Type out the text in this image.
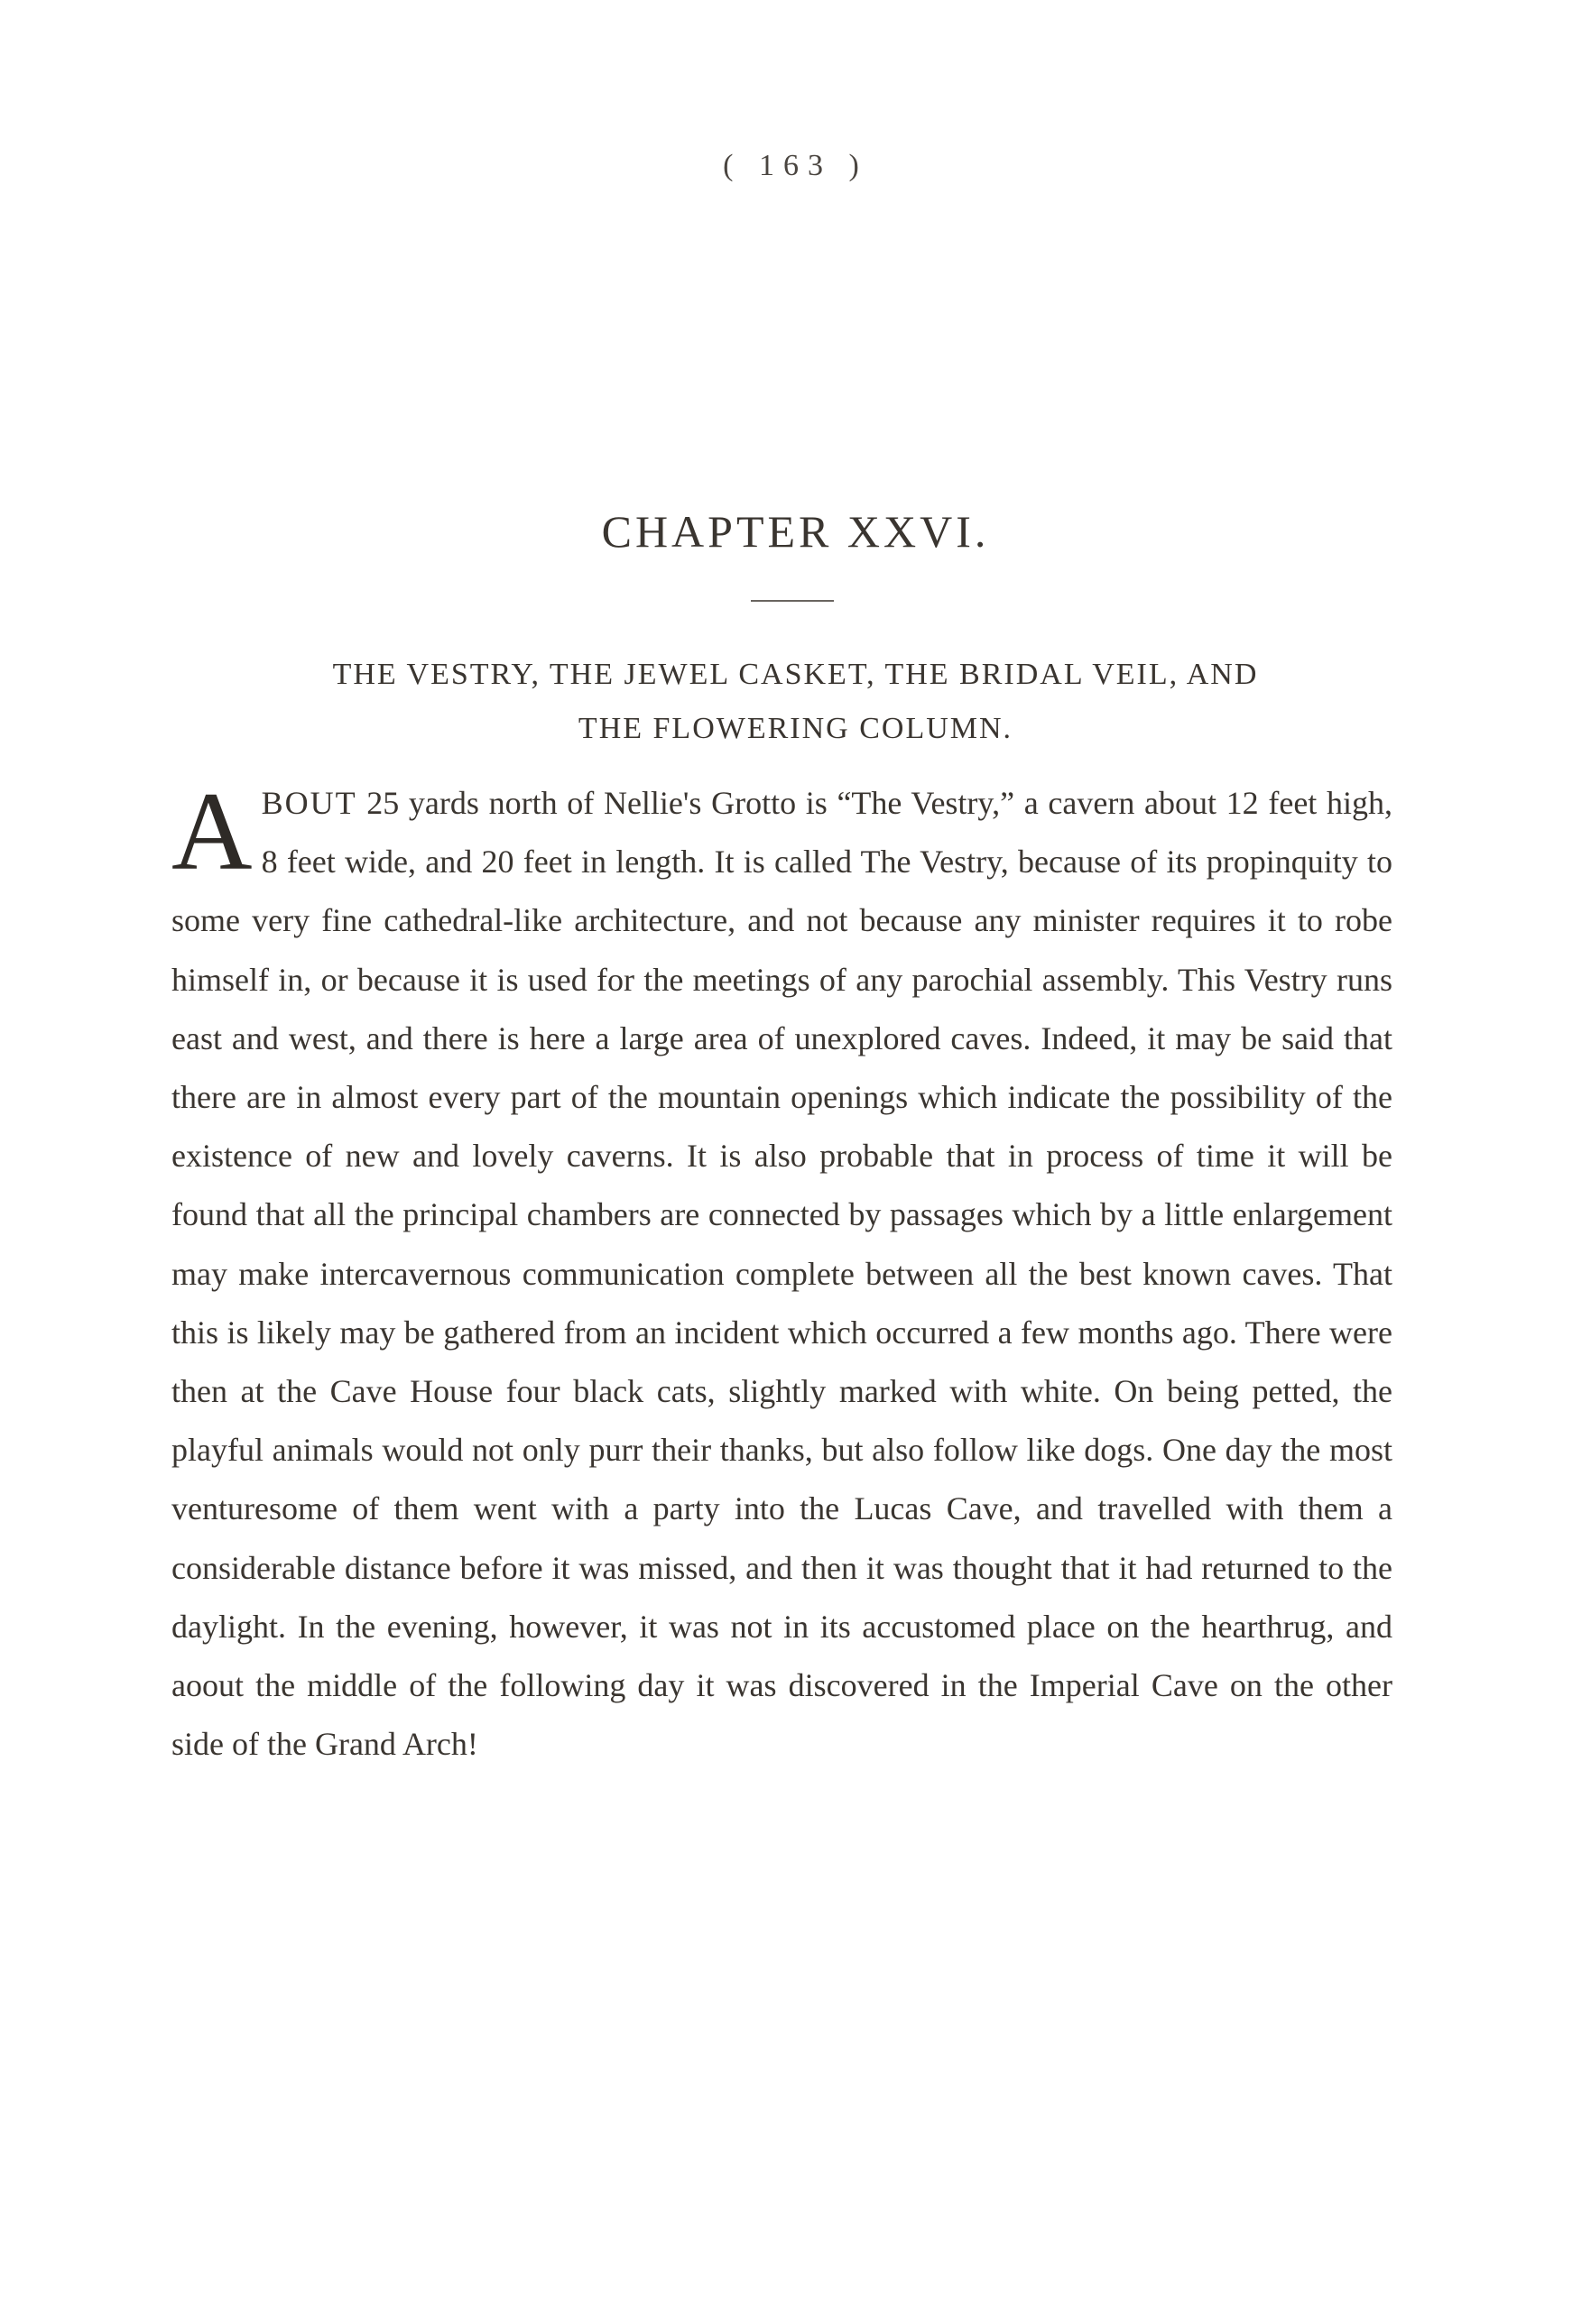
( 163 )
CHAPTER XXVI.
THE VESTRY, THE JEWEL CASKET, THE BRIDAL VEIL, AND
THE FLOWERING COLUMN.
ABOUT 25 yards north of Nellie's Grotto is “The Vestry,” a cavern about 12 feet high, 8 feet wide, and 20 feet in length. It is called The Vestry, because of its propinquity to some very fine cathedral-like architecture, and not because any minister requires it to robe himself in, or because it is used for the meetings of any parochial assembly. This Vestry runs east and west, and there is here a large area of unexplored caves. Indeed, it may be said that there are in almost every part of the mountain openings which indicate the possibility of the existence of new and lovely caverns. It is also probable that in process of time it will be found that all the principal chambers are connected by passages which by a little enlargement may make intercavernous communication complete between all the best known caves. That this is likely may be gathered from an incident which occurred a few months ago. There were then at the Cave House four black cats, slightly marked with white. On being petted, the playful animals would not only purr their thanks, but also follow like dogs. One day the most venturesome of them went with a party into the Lucas Cave, and travelled with them a considerable distance before it was missed, and then it was thought that it had returned to the daylight. In the evening, however, it was not in its accustomed place on the hearthrug, and aoout the middle of the following day it was discovered in the Imperial Cave on the other side of the Grand Arch!
